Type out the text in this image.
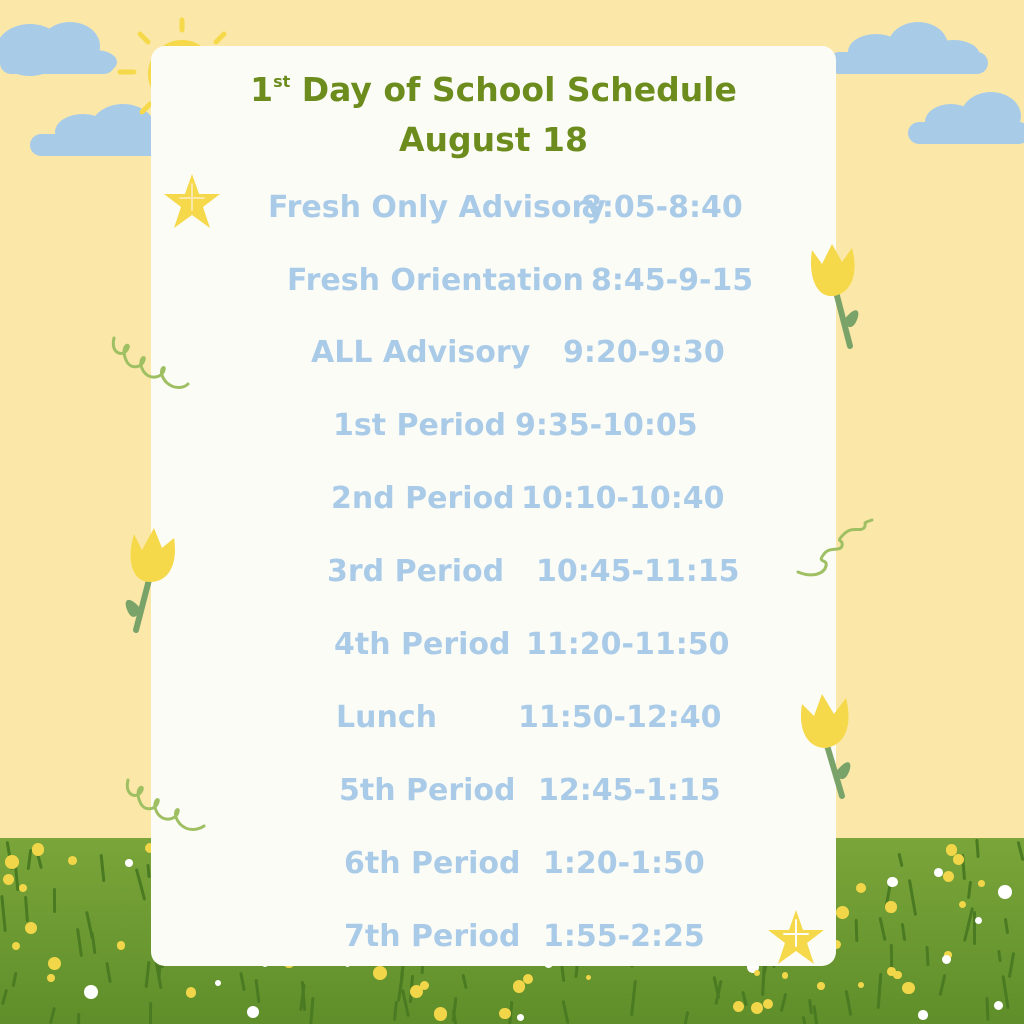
1st Day of School Schedule
August 18
Fresh Only Advisory
8:05-8:40
Fresh Orientation 8:45-9-15
ALL Advisory 9:20-9:30
1st Period 9:35-10:05
2nd Period 10:10-10:40
3rd Period 10:45-11:15
4th Period 11:20-11:50
Lunch	11:50-12:40
5th Period 12:45-1:15
6th Period 1:20-1:50
7th Period 1:55-2:25
